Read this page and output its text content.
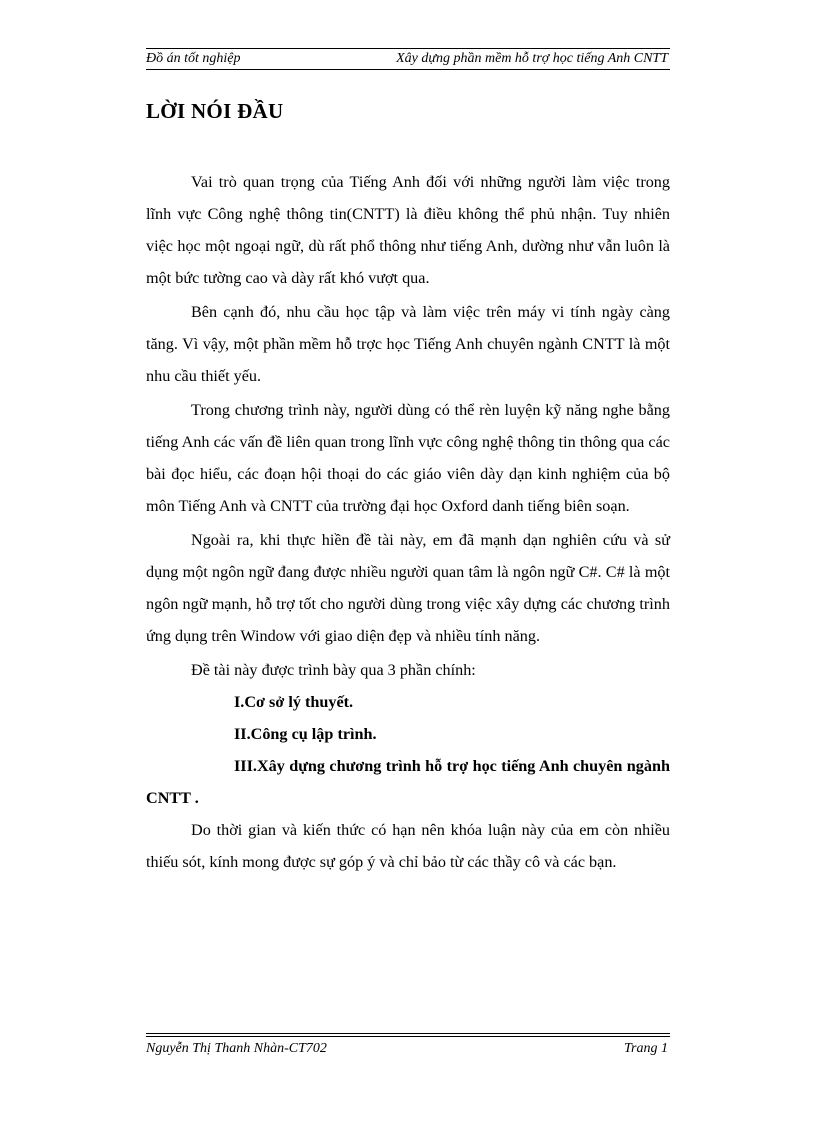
Đồ án tốt nghiệp	Xây dựng phần mềm hỗ trợ học tiếng Anh CNTT
LỜI NÓI ĐẦU

Vai trò quan trọng của Tiếng Anh đối với những người làm việc trong lĩnh vực Công nghệ thông tin(CNTT) là điều không thể phủ nhận. Tuy nhiên việc học một ngoại ngữ, dù rất phổ thông như tiếng Anh, dường như vẫn luôn là một bức tường cao và dày rất khó vượt qua.

Bên cạnh đó, nhu cầu học tập và làm việc trên máy vi tính ngày càng tăng. Vì vậy, một phần mềm hỗ trợc học Tiếng Anh chuyên ngành CNTT là một nhu cầu thiết yếu.

Trong chương trình này, người dùng có thể rèn luyện kỹ năng nghe bằng tiếng Anh các vấn đề liên quan trong lĩnh vực công nghệ thông tin thông qua các bài đọc hiểu, các đoạn hội thoại do các giáo viên dày dạn kinh nghiệm của bộ môn Tiếng Anh và CNTT của trường đại học Oxford danh tiếng biên soạn.

Ngoài ra, khi thực hiền đề tài này, em đã mạnh dạn nghiên cứu và sử dụng một ngôn ngữ đang được nhiều người quan tâm là ngôn ngữ C#. C# là một ngôn ngữ mạnh, hỗ trợ tốt cho người dùng trong việc xây dựng các chương trình ứng dụng trên Window với giao diện đẹp và nhiều tính năng.

Đề tài này được trình bày qua 3 phần chính:

I.Cơ sở lý thuyết.

II.Công cụ lập trình.

III.Xây dựng chương trình hỗ trợ học tiếng Anh chuyên ngành CNTT .

Do thời gian và kiến thức có hạn nên khóa luận này của em còn nhiều thiếu sót, kính mong được sự góp ý và chỉ bảo từ các thầy cô và các bạn.

Nguyễn Thị Thanh Nhàn-CT702	Trang 1
